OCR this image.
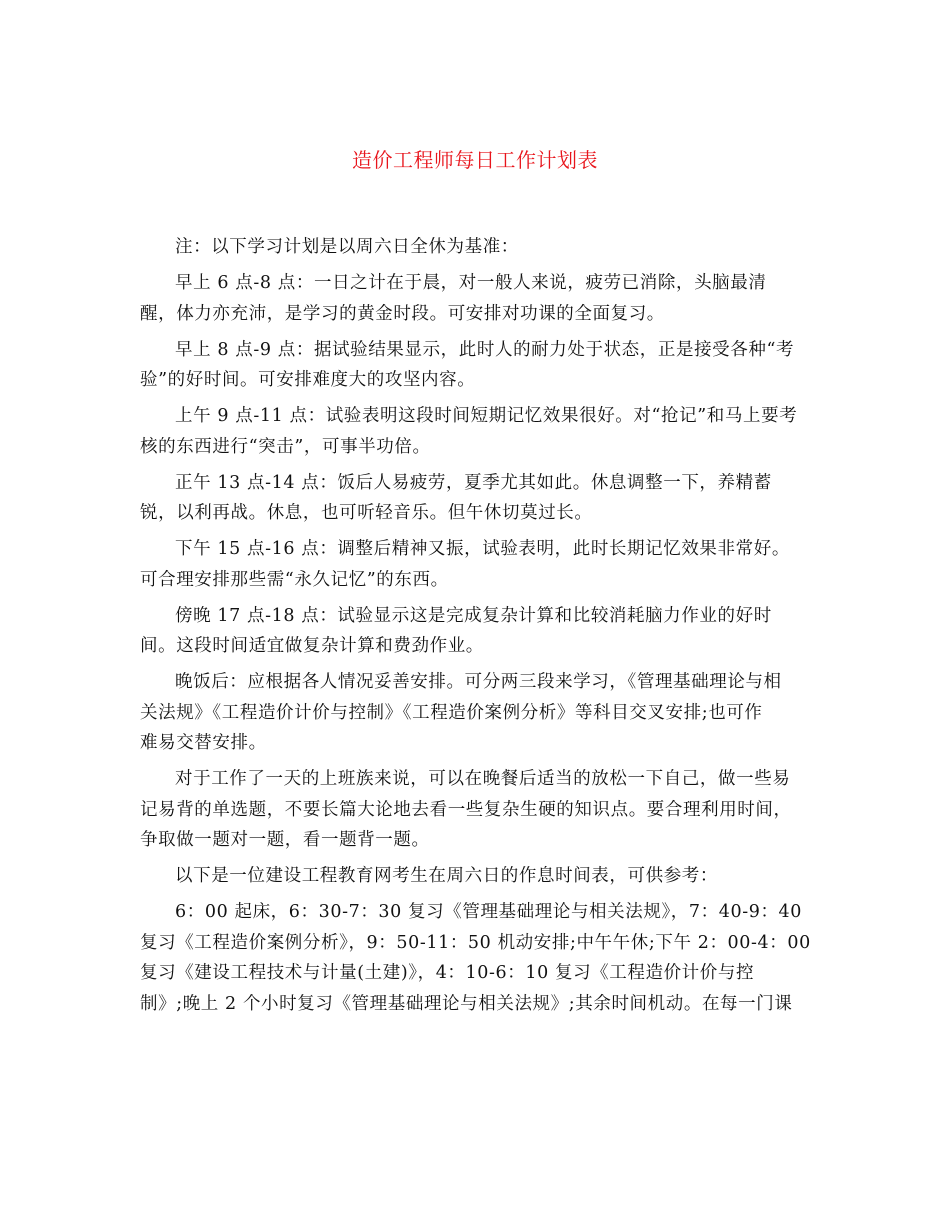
造价工程师每日工作计划表
注：以下学习计划是以周六日全休为基准：
早上 6 点-8 点：一日之计在于晨，对一般人来说，疲劳已消除，头脑最清
醒，体力亦充沛，是学习的黄金时段。可安排对功课的全面复习。
早上 8 点-9 点：据试验结果显示，此时人的耐力处于状态，正是接受各种“考
验”的好时间。可安排难度大的攻坚内容。
上午 9 点-11 点：试验表明这段时间短期记忆效果很好。对“抢记”和马上要考
核的东西进行“突击”，可事半功倍。
正午 13 点-14 点：饭后人易疲劳，夏季尤其如此。休息调整一下，养精蓄
锐，以利再战。休息，也可听轻音乐。但午休切莫过长。
下午 15 点-16 点：调整后精神又振，试验表明，此时长期记忆效果非常好。
可合理安排那些需“永久记忆”的东西。
傍晚 17 点-18 点：试验显示这是完成复杂计算和比较消耗脑力作业的好时
间。这段时间适宜做复杂计算和费劲作业。
晚饭后：应根据各人情况妥善安排。可分两三段来学习，《管理基础理论与相
关法规》《工程造价计价与控制》《工程造价案例分析》等科目交叉安排;也可作
难易交替安排。
对于工作了一天的上班族来说，可以在晚餐后适当的放松一下自己，做一些易
记易背的单选题，不要长篇大论地去看一些复杂生硬的知识点。要合理利用时间，
争取做一题对一题，看一题背一题。
以下是一位建设工程教育网考生在周六日的作息时间表，可供参考：
6：00 起床，6：30-7：30 复习《管理基础理论与相关法规》，7：40-9：40
复习《工程造价案例分析》，9：50-11：50 机动安排;中午午休;下午 2：00-4：00
复习《建设工程技术与计量(土建)》，4：10-6：10 复习《工程造价计价与控
制》;晚上 2 个小时复习《管理基础理论与相关法规》;其余时间机动。在每一门课
